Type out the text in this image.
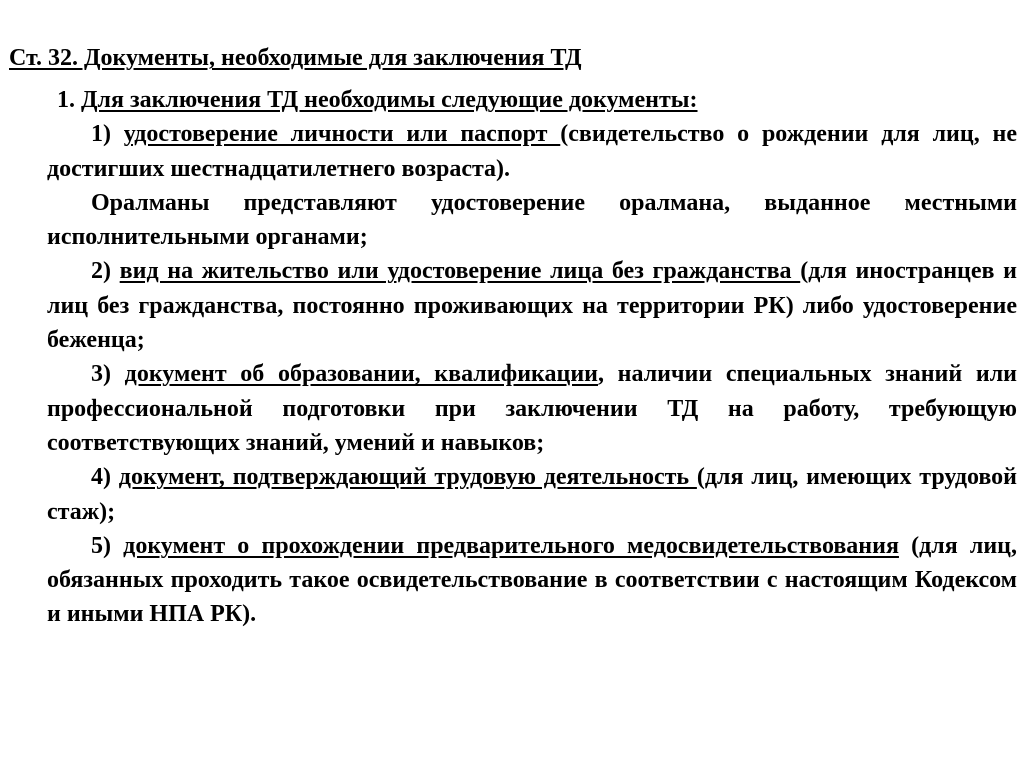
Ст. 32. Документы, необходимые для заключения ТД

1. Для заключения ТД необходимы следующие документы:

1) удостоверение личности или паспорт (свидетельство о рождении для лиц, не достигших шестнадцатилетнего возраста).

Оралманы представляют удостоверение оралмана, выданное местными исполнительными органами;

2) вид на жительство или удостоверение лица без гражданства (для иностранцев и лиц без гражданства, постоянно проживающих на территории РК) либо удостоверение беженца;

3) документ об образовании, квалификации, наличии специальных знаний или профессиональной подготовки при заключении ТД на работу, требующую соответствующих знаний, умений и навыков;

4) документ, подтверждающий трудовую деятельность (для лиц, имеющих трудовой стаж);

5) документ о прохождении предварительного медосвидетельствования (для лиц, обязанных проходить такое освидетельствование в соответствии с настоящим Кодексом и иными НПА РК).
